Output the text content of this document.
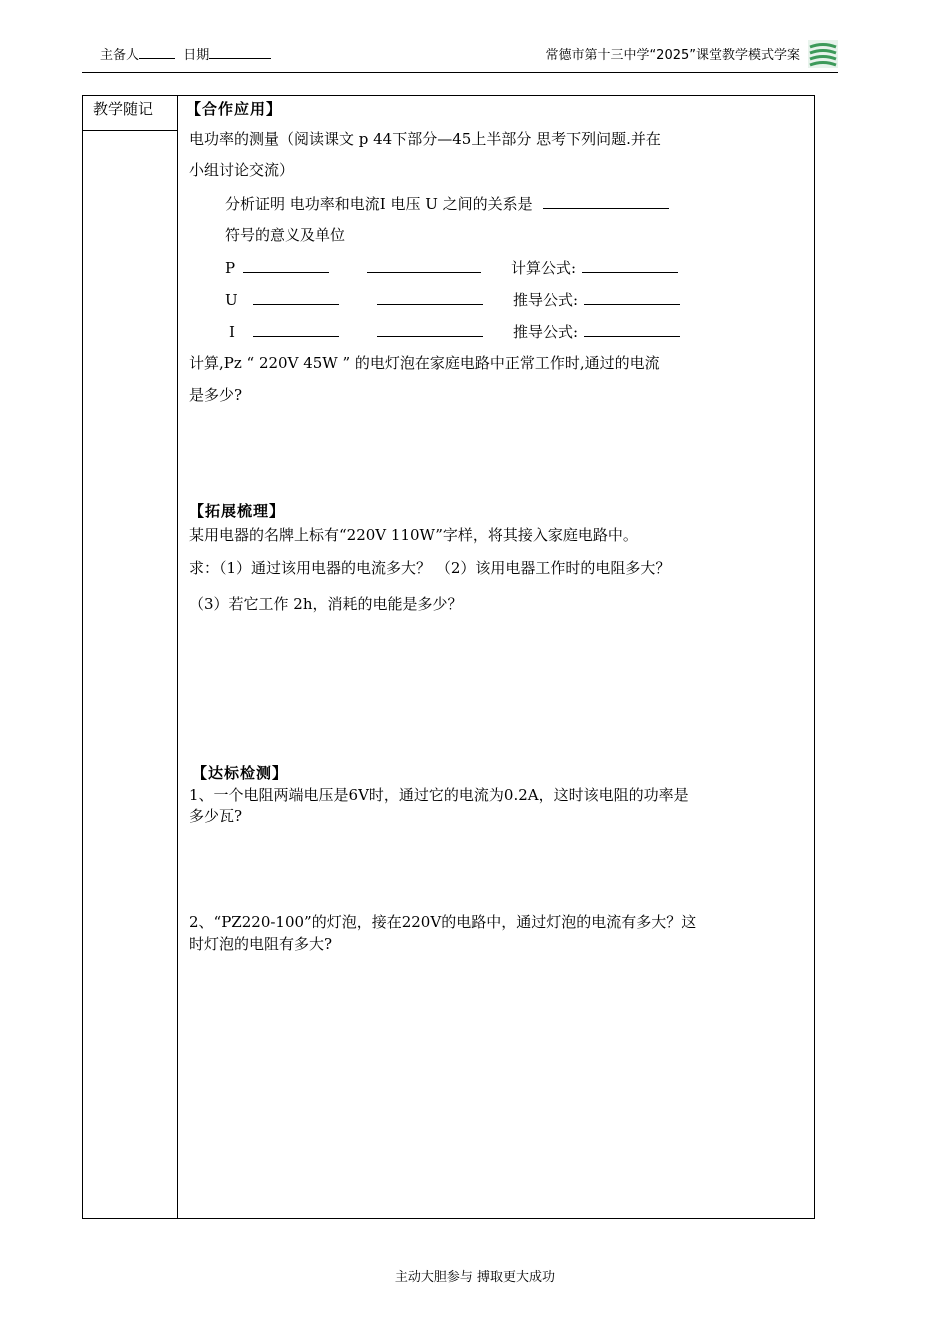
主备人	日期	常德市第十三中学“2025”课堂教学模式学案
教学随记 【合作应用】
电功率的测量（阅读课文 p 44下部分—45上半部分 思考下列问题.并在
小组讨论交流）
分析证明 电功率和电流I 电压 U 之间的关系是
符号的意义及单位
P	计算公式:
U	推导公式:
I	推导公式:
计算,Pz “ 220V 45W ” 的电灯泡在家庭电路中正常工作时,通过的电流
是多少?
【拓展梳理】
某用电器的名牌上标有“220V 110W”字样，将其接入家庭电路中。
求：（1）通过该用电器的电流多大？ （2）该用电器工作时的电阻多大？
（3）若它工作 2h，消耗的电能是多少？
【达标检测】
1、一个电阻两端电压是6V时，通过它的电流为0.2A，这时该电阻的功率是
多少瓦?
2、“PZ220-100”的灯泡，接在220V的电路中，通过灯泡的电流有多大？这
时灯泡的电阻有多大?
主动大胆参与 搏取更大成功
